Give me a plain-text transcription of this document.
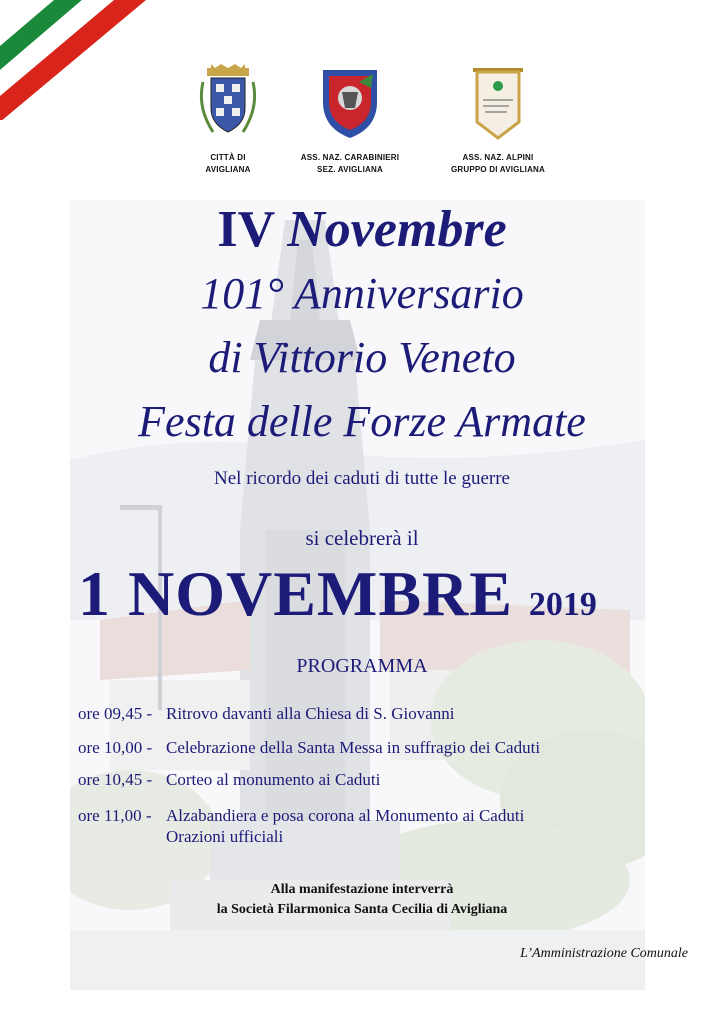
CITTÀ DI
AVIGLIANA
ASS. NAZ. CARABINIERI
SEZ. AVIGLIANA
ASS. NAZ. ALPINI
GRUPPO DI AVIGLIANA
IV Novembre
101° Anniversario
di Vittorio Veneto
Festa delle Forze Armate
Nel ricordo dei caduti di tutte le guerre
si celebrerà il
1 NOVEMBRE 2019
PROGRAMMA
ore 09,45 - Ritrovo davanti alla Chiesa di S. Giovanni
ore 10,00 - Celebrazione della Santa Messa in suffragio dei Caduti
ore 10,45 - Corteo al monumento ai Caduti
ore 11,00 - Alzabandiera e posa corona al Monumento ai Caduti
Orazioni ufficiali
Alla manifestazione interverrà
la Società Filarmonica Santa Cecilia di Avigliana
L’Amministrazione Comunale
